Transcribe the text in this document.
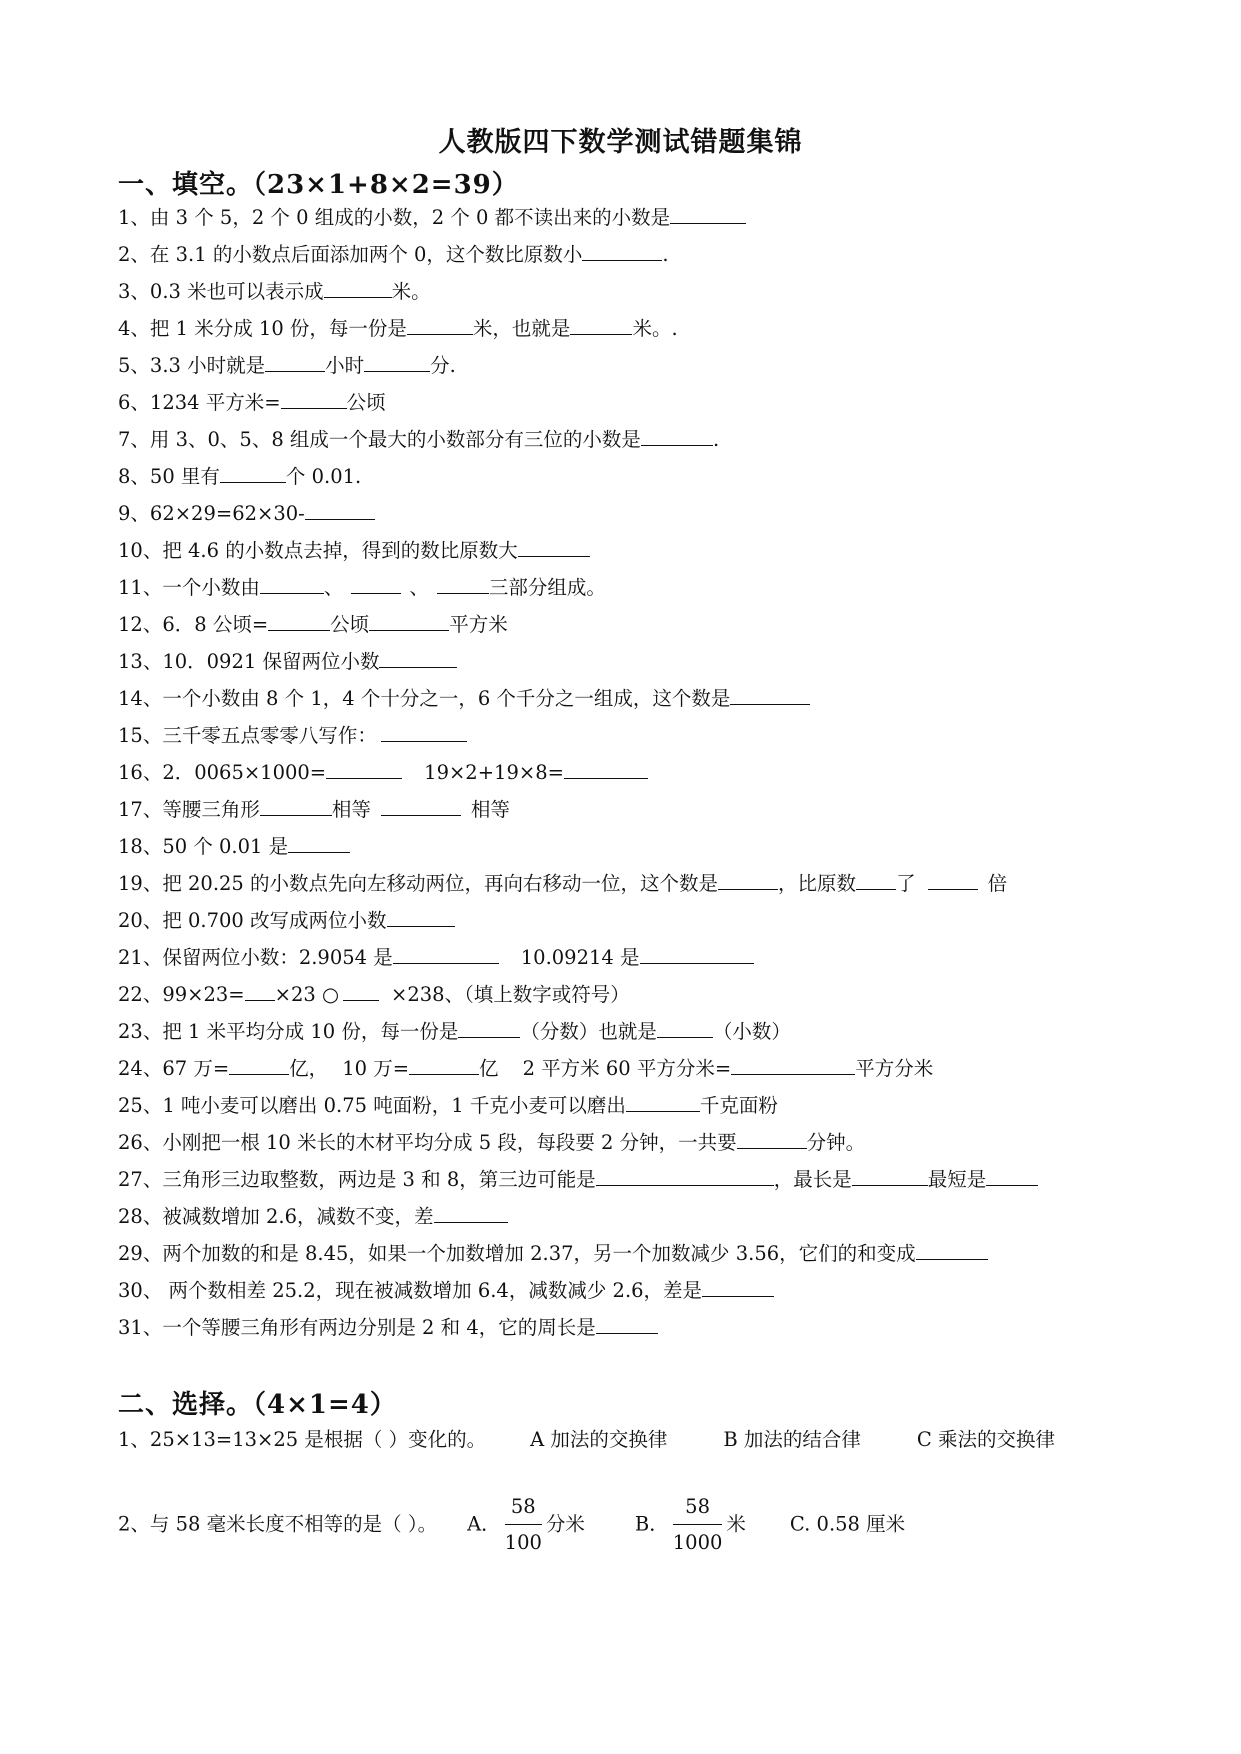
人教版四下数学测试错题集锦
一、填空。（23×1+8×2=39）
1、由 3 个 5，2 个 0 组成的小数，2 个 0 都不读出来的小数是
2、在 3.1 的小数点后面添加两个 0，这个数比原数小	.
3、0.3 米也可以表示成	米。
4、把 1 米分成 10 份，每一份是	米，也就是	米。.
5、3.3 小时就是	小时	分.
6、1234 平方米=	公顷
7、用 3、0、5、8 组成一个最大的小数部分有三位的小数是	.
8、50 里有	个 0.01.
9、62×29=62×30-
10、把 4.6 的小数点去掉，得到的数比原数大
11、一个小数由	、	、	三部分组成。
12、6．8 公顷=	公顷	平方米
13、10．0921 保留两位小数
14、一个小数由 8 个 1，4 个十分之一，6 个千分之一组成，这个数是
15、三千零五点零零八写作：
16、2．0065×1000=	19×2+19×8=
17、等腰三角形	相等	相等
18、50 个 0.01 是
19、把 20.25 的小数点先向左移动两位，再向右移动一位，这个数是	，比原数 了	倍
20、把 0.700 改写成两位小数
21、保留两位小数：2.9054 是	10.09214 是
22、99×23= ×23 ○	×238、（填上数字或符号）
23、把 1 米平均分成 10 份，每一份是	（分数）也就是	（小数）
24、67 万=	亿， 10 万=	亿 2 平方米 60 平方分米=	平方分米
25、1 吨小麦可以磨出 0.75 吨面粉，1 千克小麦可以磨出	千克面粉
26、小刚把一根 10 米长的木材平均分成 5 段，每段要 2 分钟，一共要	分钟。
27、三角形三边取整数，两边是 3 和 8，第三边可能是	，最长是	最短是
28、被减数增加 2.6，减数不变，差
29、两个加数的和是 8.45，如果一个加数增加 2.37，另一个加数减少 3.56，它们的和变成
30、 两个数相差 25.2，现在被减数增加 6.4，减数减少 2.6，差是
31、一个等腰三角形有两边分别是 2 和 4，它的周长是
二、选择。（4×1=4）
1、25×13=13×25 是根据（ ）变化的。 A 加法的交换律	B 加法的结合律	C 乘法的交换律
2、与 58 毫米长度不相等的是（ ）。 A． $\frac{58}{100}$ 分米	B． $\frac{58}{1000}$ 米 C. 0.58 厘米
